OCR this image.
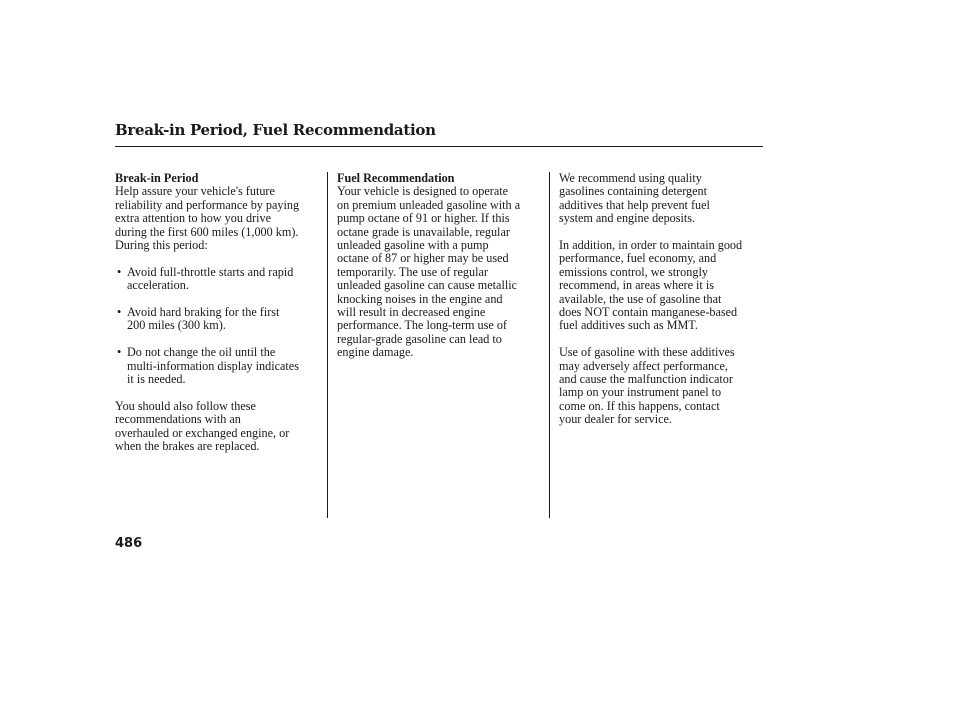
Break-in Period, Fuel Recommendation
Break-in Period
Help assure your vehicle's future
reliability and performance by paying
extra attention to how you drive
during the first 600 miles (1,000 km).
During this period:
• Avoid full-throttle starts and rapid
acceleration.
• Avoid hard braking for the first
200 miles (300 km).
• Do not change the oil until the
multi-information display indicates
it is needed.
You should also follow these
recommendations with an
overhauled or exchanged engine, or
when the brakes are replaced.
Fuel Recommendation
Your vehicle is designed to operate
on premium unleaded gasoline with a
pump octane of 91 or higher. If this
octane grade is unavailable, regular
unleaded gasoline with a pump
octane of 87 or higher may be used
temporarily. The use of regular
unleaded gasoline can cause metallic
knocking noises in the engine and
will result in decreased engine
performance. The long-term use of
regular-grade gasoline can lead to
engine damage.
We recommend using quality
gasolines containing detergent
additives that help prevent fuel
system and engine deposits.
In addition, in order to maintain good
performance, fuel economy, and
emissions control, we strongly
recommend, in areas where it is
available, the use of gasoline that
does NOT contain manganese-based
fuel additives such as MMT.
Use of gasoline with these additives
may adversely affect performance,
and cause the malfunction indicator
lamp on your instrument panel to
come on. If this happens, contact
your dealer for service.
486
